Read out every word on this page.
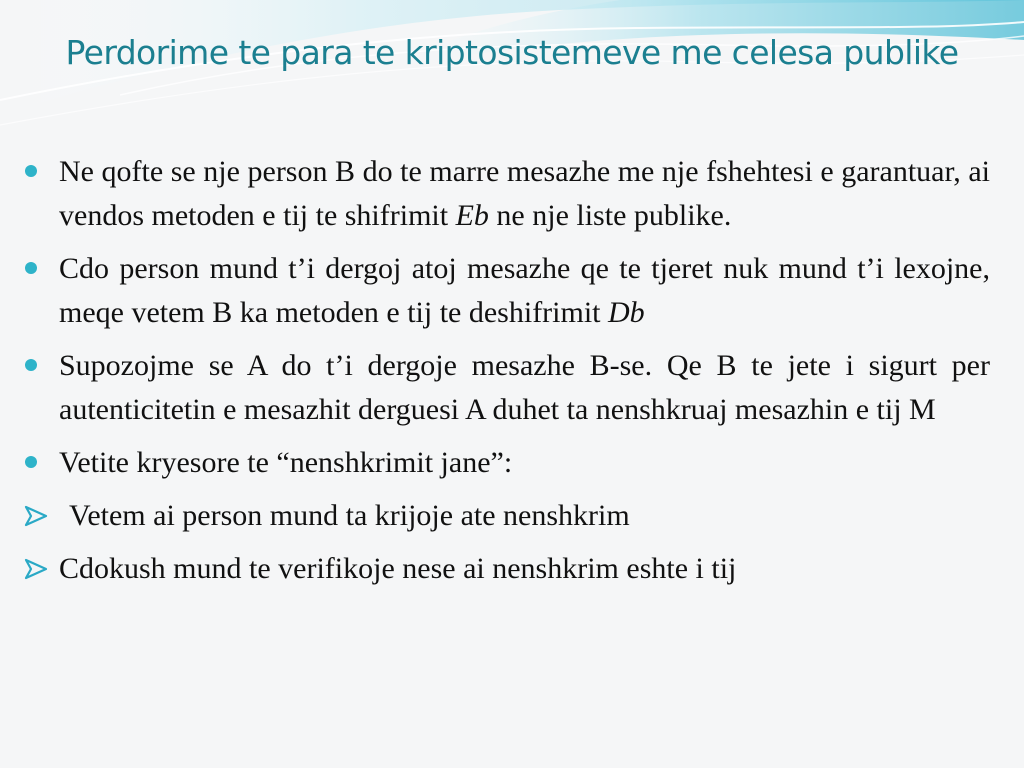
Perdorime te para te kriptosistemeve me celesa publike
Ne qofte se nje person B do te marre mesazhe me nje fshehtesi e garantuar, ai vendos metoden e tij te shifrimit Eb ne nje liste publike.
Cdo person mund t’i dergoj atoj mesazhe qe te tjeret nuk mund t’i lexojne, meqe vetem B ka metoden e tij te deshifrimit Db
Supozojme se A do t’i dergoje mesazhe B-se. Qe B te jete i sigurt per autenticitetin e mesazhit derguesi A duhet ta nenshkruaj mesazhin e tij M
Vetite kryesore te “nenshkrimit jane”:
Vetem ai person mund ta krijoje ate nenshkrim
Cdokush mund te verifikoje nese ai nenshkrim eshte i tij
